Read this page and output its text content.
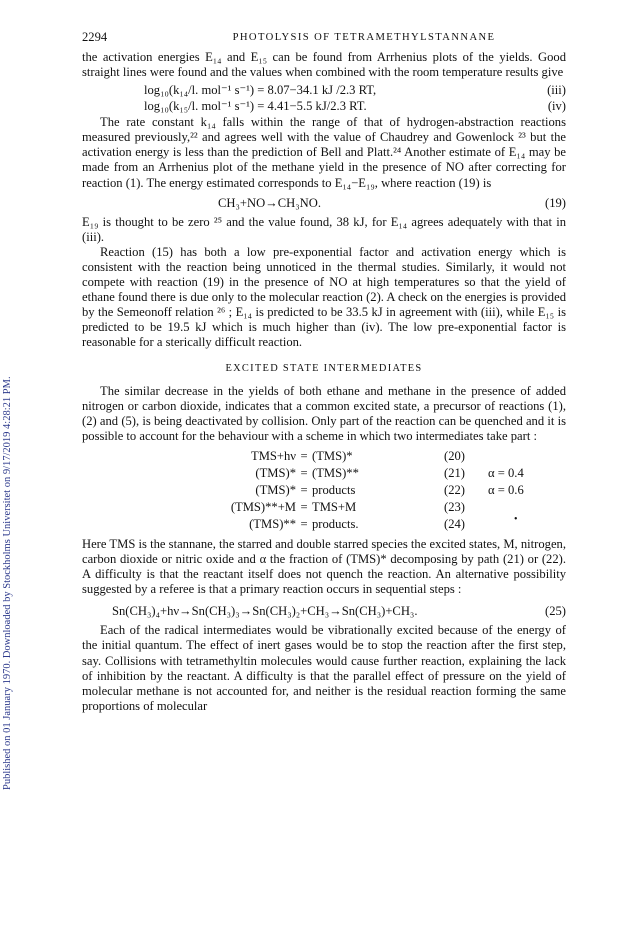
Published on 01 January 1970. Downloaded by Stockholms Universitet on 9/17/2019 4:28:21 PM.
2294	PHOTOLYSIS OF TETRAMETHYLSTANNANE

the activation energies E₁₄ and E₁₅ can be found from Arrhenius plots of the yields. Good straight lines were found and the values when combined with the room temperature results give

log₁₀(k₁₄/l. mol⁻¹ s⁻¹) = 8.07−34.1 kJ /2.3 RT,	(iii)
log₁₀(k₁₅/l. mol⁻¹ s⁻¹) = 4.41−5.5 kJ/2.3 RT.	(iv)

The rate constant k₁₄ falls within the range of that of hydrogen-abstraction reactions measured previously,²² and agrees well with the value of Chaudrey and Gowenlock ²³ but the activation energy is less than the prediction of Bell and Platt.²⁴ Another estimate of E₁₄ may be made from an Arrhenius plot of the methane yield in the presence of NO after correcting for reaction (1). The energy estimated corresponds to E₁₄−E₁₉, where reaction (19) is

CH₃+NO→CH₃NO.	(19)

E₁₉ is thought to be zero ²⁵ and the value found, 38 kJ, for E₁₄ agrees adequately with that in (iii).

Reaction (15) has both a low pre-exponential factor and activation energy which is consistent with the reaction being unnoticed in the thermal studies. Similarly, it would not compete with reaction (19) in the presence of NO at high temperatures so that the yield of ethane found there is due only to the molecular reaction (2). A check on the energies is provided by the Semeonoff relation ²⁶ ; E₁₄ is predicted to be 33.5 kJ in agreement with (iii), while E₁₅ is predicted to be 19.5 kJ which is much higher than (iv). The low pre-exponential factor is reasonable for a sterically difficult reaction.

EXCITED STATE INTERMEDIATES

The similar decrease in the yields of both ethane and methane in the presence of added nitrogen or carbon dioxide, indicates that a common excited state, a precursor of reactions (1), (2) and (5), is being deactivated by collision. Only part of the reaction can be quenched and it is possible to account for the behaviour with a scheme in which two intermediates take part :

TMS+hν = (TMS)*	(20)
(TMS)* = (TMS)**	(21)	α = 0.4
(TMS)* = products	(22)	α = 0.6
(TMS)**+M = TMS+M	(23)
(TMS)** = products.	(24)	•

Here TMS is the stannane, the starred and double starred species the excited states, M, nitrogen, carbon dioxide or nitric oxide and α the fraction of (TMS)* decomposing by path (21) or (22). A difficulty is that the reactant itself does not quench the reaction. An alternative possibility suggested by a referee is that a primary reaction occurs in sequential steps :

Sn(CH₃)₄+hν→Sn(CH₃)₃→Sn(CH₃)₂+CH₃→Sn(CH₃)+CH₃.	(25)

Each of the radical intermediates would be vibrationally excited because of the energy of the initial quantum. The effect of inert gases would be to stop the reaction after the first step, say. Collisions with tetramethyltin molecules would cause further reaction, explaining the lack of inhibition by the reactant. A difficulty is that the parallel effect of pressure on the yield of molecular methane is not accounted for, and neither is the residual reaction forming the same proportions of molecular
